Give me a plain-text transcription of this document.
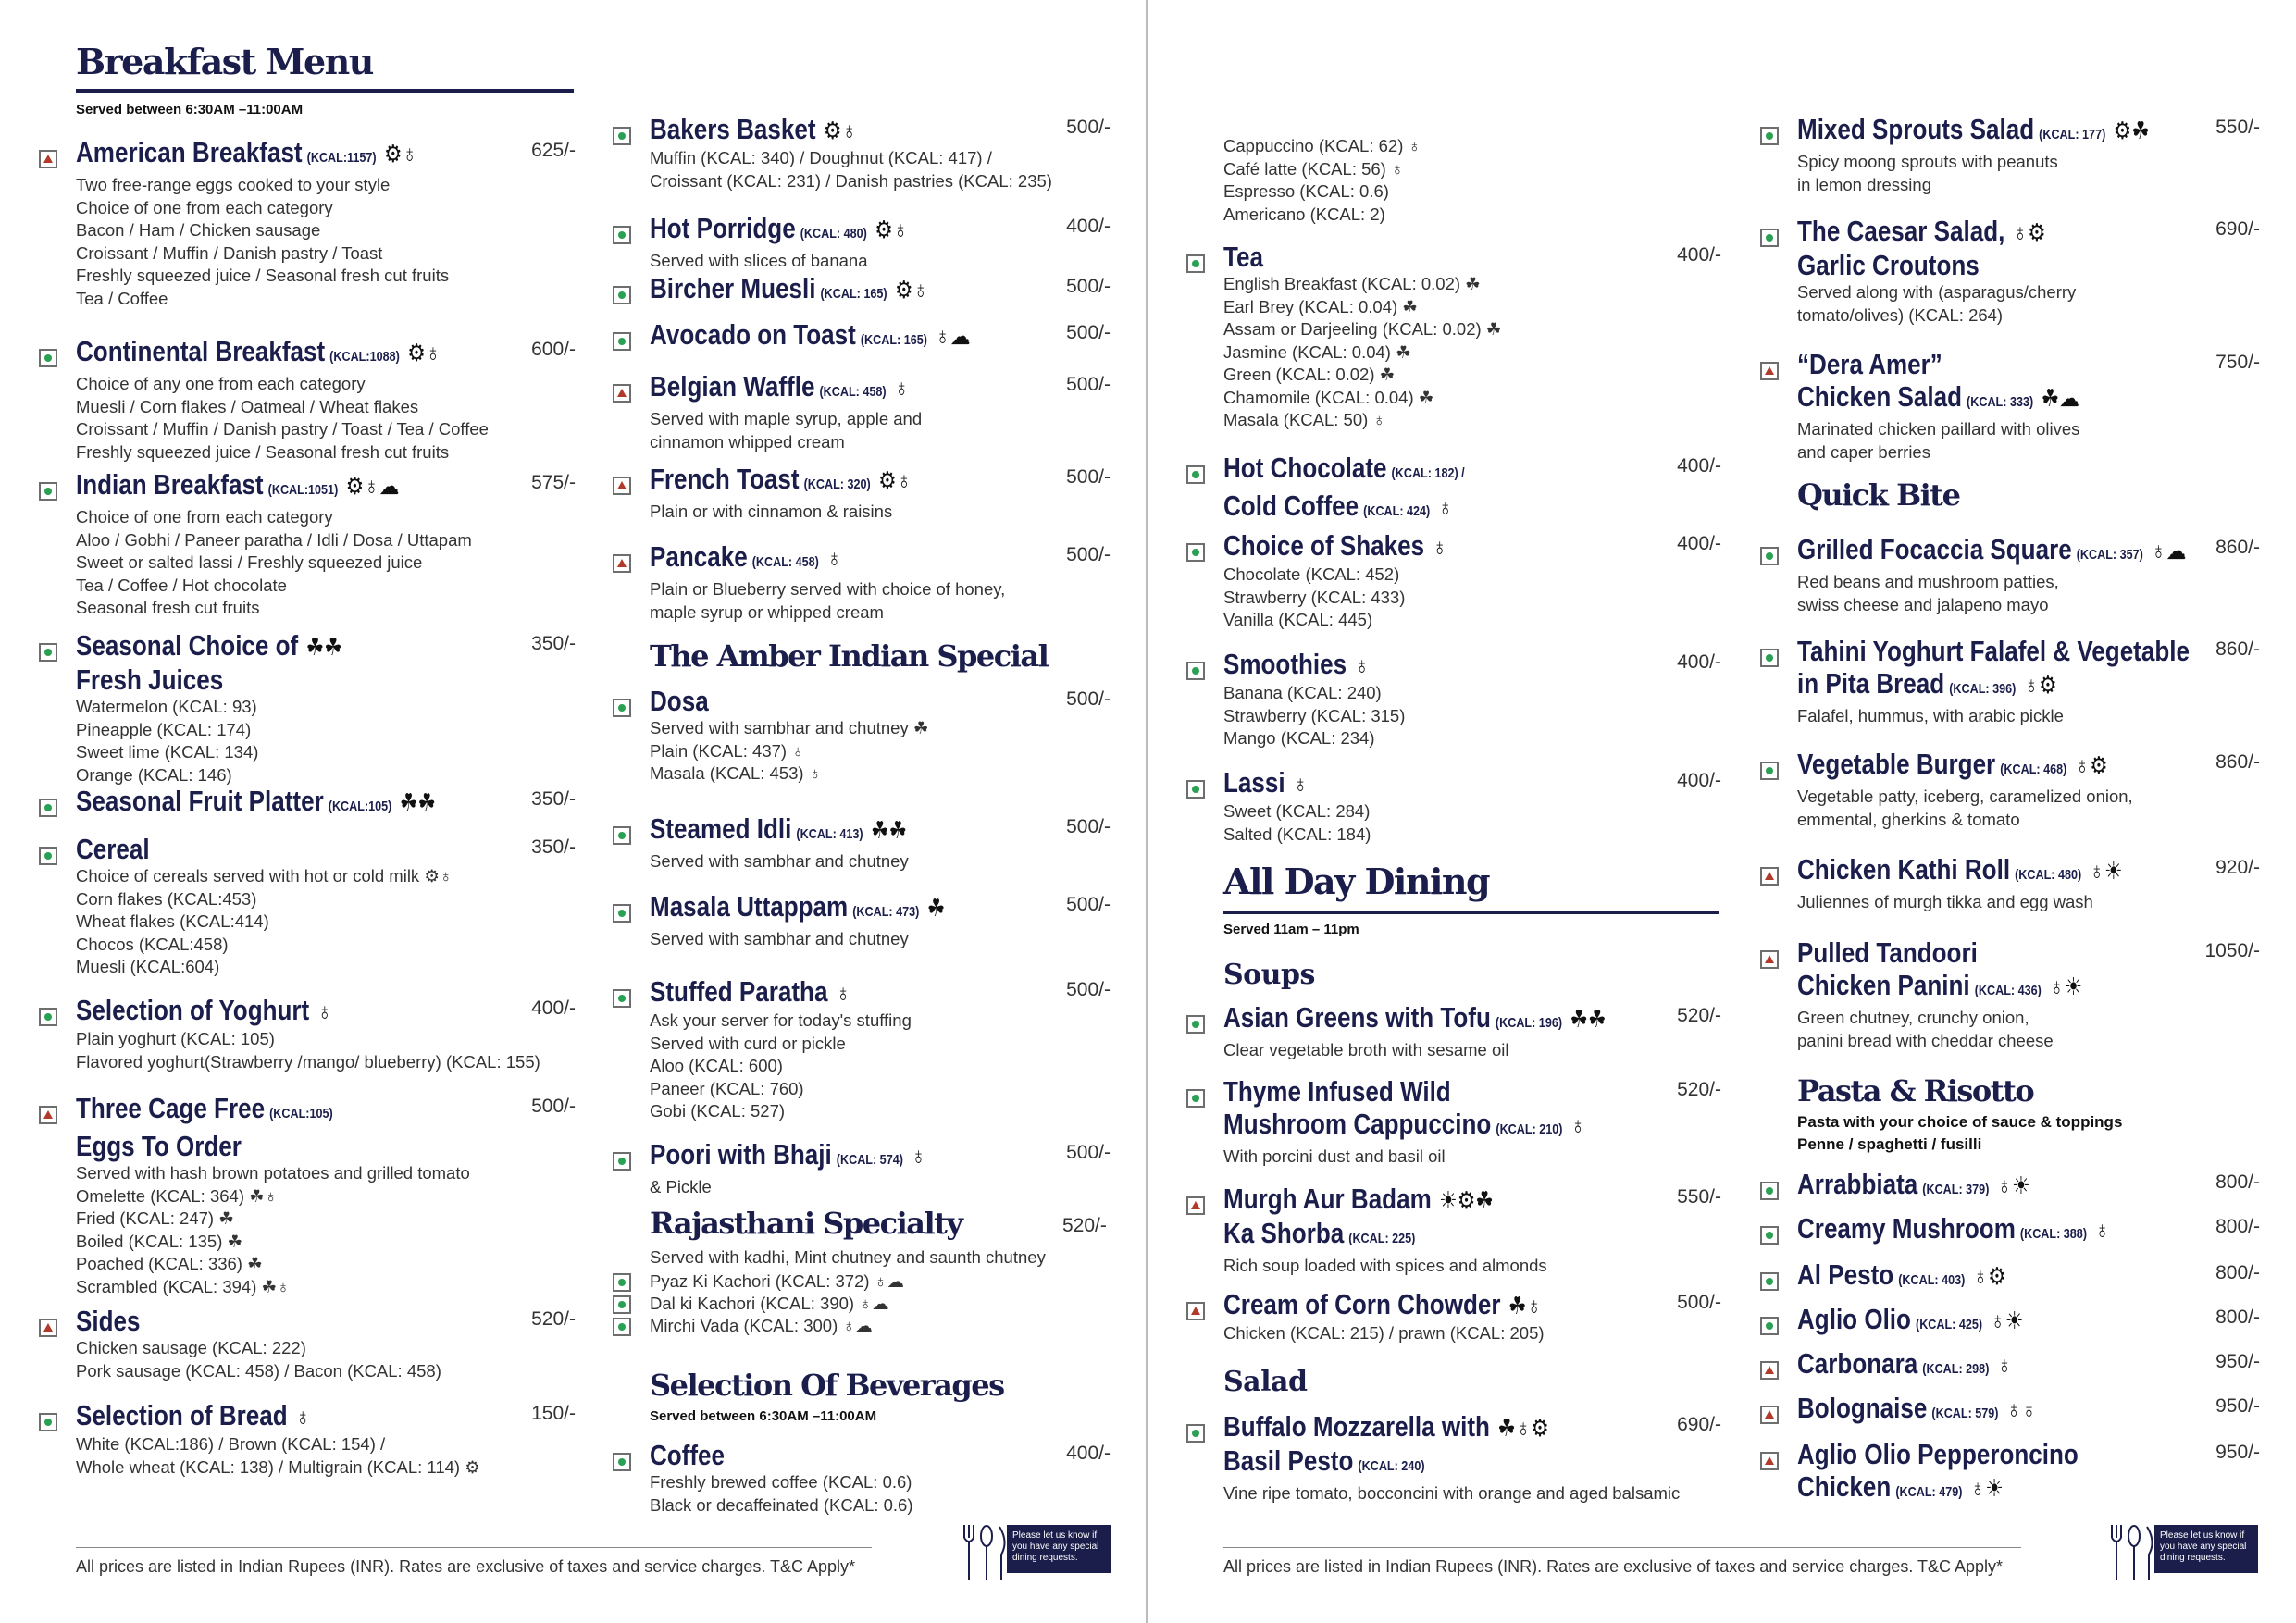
Breakfast Menu
Served between 6:30AM –11:00AM
American Breakfast (KCAL:1157) ⚙♁	625/-
Two free-range eggs cooked to your style
Choice of one from each category
Bacon / Ham / Chicken sausage
Croissant / Muffin / Danish pastry / Toast
Freshly squeezed juice / Seasonal fresh cut fruits
Tea / Coffee
Continental Breakfast (KCAL:1088) ⚙♁	600/-
Choice of any one from each category
Muesli / Corn flakes / Oatmeal / Wheat flakes
Croissant / Muffin / Danish pastry / Toast / Tea / Coffee
Freshly squeezed juice / Seasonal fresh cut fruits
Indian Breakfast (KCAL:1051) ⚙♁☁	575/-
Choice of one from each category
Aloo / Gobhi / Paneer paratha / Idli / Dosa / Uttapam
Sweet or salted lassi / Freshly squeezed juice
Tea / Coffee / Hot chocolate
Seasonal fresh cut fruits
Seasonal Choice of ☘☘
Fresh Juices
350/-
Watermelon (KCAL: 93)
Pineapple (KCAL: 174)
Sweet lime (KCAL: 134)
Orange (KCAL: 146)
Seasonal Fruit Platter (KCAL:105) ☘☘	350/-
Cereal	350/-
Choice of cereals served with hot or cold milk ⚙♁
Corn flakes (KCAL:453)
Wheat flakes (KCAL:414)
Chocos (KCAL:458)
Muesli (KCAL:604)
Selection of Yoghurt ♁	400/-
Plain yoghurt (KCAL: 105)
Flavored yoghurt(Strawberry /mango/ blueberry) (KCAL: 155)
Three Cage Free (KCAL:105)
Eggs To Order
500/-
Served with hash brown potatoes and grilled tomato
Omelette (KCAL: 364) ☘♁
Fried (KCAL: 247) ☘
Boiled (KCAL: 135) ☘
Poached (KCAL: 336) ☘
Scrambled (KCAL: 394) ☘♁
Sides	520/-
Chicken sausage (KCAL: 222)
Pork sausage (KCAL: 458) / Bacon (KCAL: 458)
Selection of Bread ♁	150/-
White (KCAL:186) / Brown (KCAL: 154) /
Whole wheat (KCAL: 138) / Multigrain (KCAL: 114) ⚙
Bakers Basket ⚙♁	500/-
Muffin (KCAL: 340) / Doughnut (KCAL: 417) /
Croissant (KCAL: 231) / Danish pastries (KCAL: 235)
Hot Porridge (KCAL: 480) ⚙♁	400/-
Served with slices of banana
Bircher Muesli (KCAL: 165) ⚙♁	500/-
Avocado on Toast (KCAL: 165) ♁☁	500/-
Belgian Waffle (KCAL: 458) ♁	500/-
Served with maple syrup, apple and
cinnamon whipped cream
French Toast (KCAL: 320) ⚙♁	500/-
Plain or with cinnamon & raisins
Pancake (KCAL: 458) ♁	500/-
Plain or Blueberry served with choice of honey,
maple syrup or whipped cream
Dosa	500/-
Served with sambhar and chutney ☘
Plain (KCAL: 437) ♁
Masala (KCAL: 453) ♁
Steamed Idli (KCAL: 413) ☘☘	500/-
Served with sambhar and chutney
Masala Uttappam (KCAL: 473) ☘	500/-
Served with sambhar and chutney
Stuffed Paratha ♁	500/-
Ask your server for today's stuffing
Served with curd or pickle
Aloo (KCAL: 600)
Paneer (KCAL: 760)
Gobi (KCAL: 527)
Poori with Bhaji (KCAL: 574) ♁	500/-
& Pickle
The Amber Indian Special
Rajasthani Specialty	520/-
Served with kadhi, Mint chutney and saunth chutney
Pyaz Ki Kachori (KCAL: 372) ♁☁
Dal ki Kachori (KCAL: 390) ♁☁
Mirchi Vada (KCAL: 300) ♁☁
Selection Of Beverages
Served between 6:30AM –11:00AM
Coffee	400/-
Freshly brewed coffee (KCAL: 0.6)
Black or decaffeinated (KCAL: 0.6)
All prices are listed in Indian Rupees (INR). Rates are exclusive of taxes and service charges. T&C Apply*
Please let us know if you have any special dining requests.
Cappuccino (KCAL: 62) ♁
Café latte (KCAL: 56) ♁
Espresso (KCAL: 0.6)
Americano (KCAL: 2)
Tea	400/-
English Breakfast (KCAL: 0.02) ☘
Earl Brey (KCAL: 0.04) ☘
Assam or Darjeeling (KCAL: 0.02) ☘
Jasmine (KCAL: 0.04) ☘
Green (KCAL: 0.02) ☘
Chamomile (KCAL: 0.04) ☘
Masala (KCAL: 50) ♁
Hot Chocolate (KCAL: 182) /
Cold Coffee (KCAL: 424) ♁
400/-
Choice of Shakes ♁	400/-
Chocolate (KCAL: 452)
Strawberry (KCAL: 433)
Vanilla (KCAL: 445)
Smoothies ♁	400/-
Banana (KCAL: 240)
Strawberry (KCAL: 315)
Mango (KCAL: 234)
Lassi ♁	400/-
Sweet (KCAL: 284)
Salted (KCAL: 184)
All Day Dining
Served 11am – 11pm
Soups
Asian Greens with Tofu (KCAL: 196) ☘☘	520/-
Clear vegetable broth with sesame oil
Thyme Infused Wild
Mushroom Cappuccino (KCAL: 210) ♁
520/-
With porcini dust and basil oil
Murgh Aur Badam ☀⚙☘
Ka Shorba (KCAL: 225)
550/-
Rich soup loaded with spices and almonds
Cream of Corn Chowder ☘♁	500/-
Chicken (KCAL: 215) / prawn (KCAL: 205)
Salad
Buffalo Mozzarella with ☘♁⚙
Basil Pesto (KCAL: 240)
690/-
Vine ripe tomato, bocconcini with orange and aged balsamic
Mixed Sprouts Salad (KCAL: 177) ⚙☘	550/-
Spicy moong sprouts with peanuts
in lemon dressing
The Caesar Salad, ♁⚙
Garlic Croutons
690/-
Served along with (asparagus/cherry
tomato/olives) (KCAL: 264)
“Dera Amer”
Chicken Salad (KCAL: 333) ☘☁
750/-
Marinated chicken paillard with olives
and caper berries
Quick Bite
Grilled Focaccia Square (KCAL: 357) ♁☁ 860/-
Red beans and mushroom patties,
swiss cheese and jalapeno mayo
Tahini Yoghurt Falafel & Vegetable
in Pita Bread (KCAL: 396) ♁⚙
860/-
Falafel, hummus, with arabic pickle
Vegetable Burger (KCAL: 468) ♁⚙	860/-
Vegetable patty, iceberg, caramelized onion,
emmental, gherkins & tomato
Chicken Kathi Roll (KCAL: 480) ♁☀	920/-
Juliennes of murgh tikka and egg wash
Pulled Tandoori
Chicken Panini (KCAL: 436) ♁☀
1050/-
Green chutney, crunchy onion,
panini bread with cheddar cheese
Pasta & Risotto
Pasta with your choice of sauce & toppings
Penne / spaghetti / fusilli
Arrabbiata (KCAL: 379) ♁☀	800/-
Creamy Mushroom (KCAL: 388) ♁	800/-
Al Pesto (KCAL: 403) ♁⚙	800/-
Aglio Olio (KCAL: 425) ♁☀	800/-
Carbonara (KCAL: 298) ♁	950/-
Bolognaise (KCAL: 579) ♁♁	950/-
Aglio Olio Pepperoncino
Chicken (KCAL: 479) ♁☀
950/-
All prices are listed in Indian Rupees (INR). Rates are exclusive of taxes and service charges. T&C Apply*
Please let us know if you have any special dining requests.
